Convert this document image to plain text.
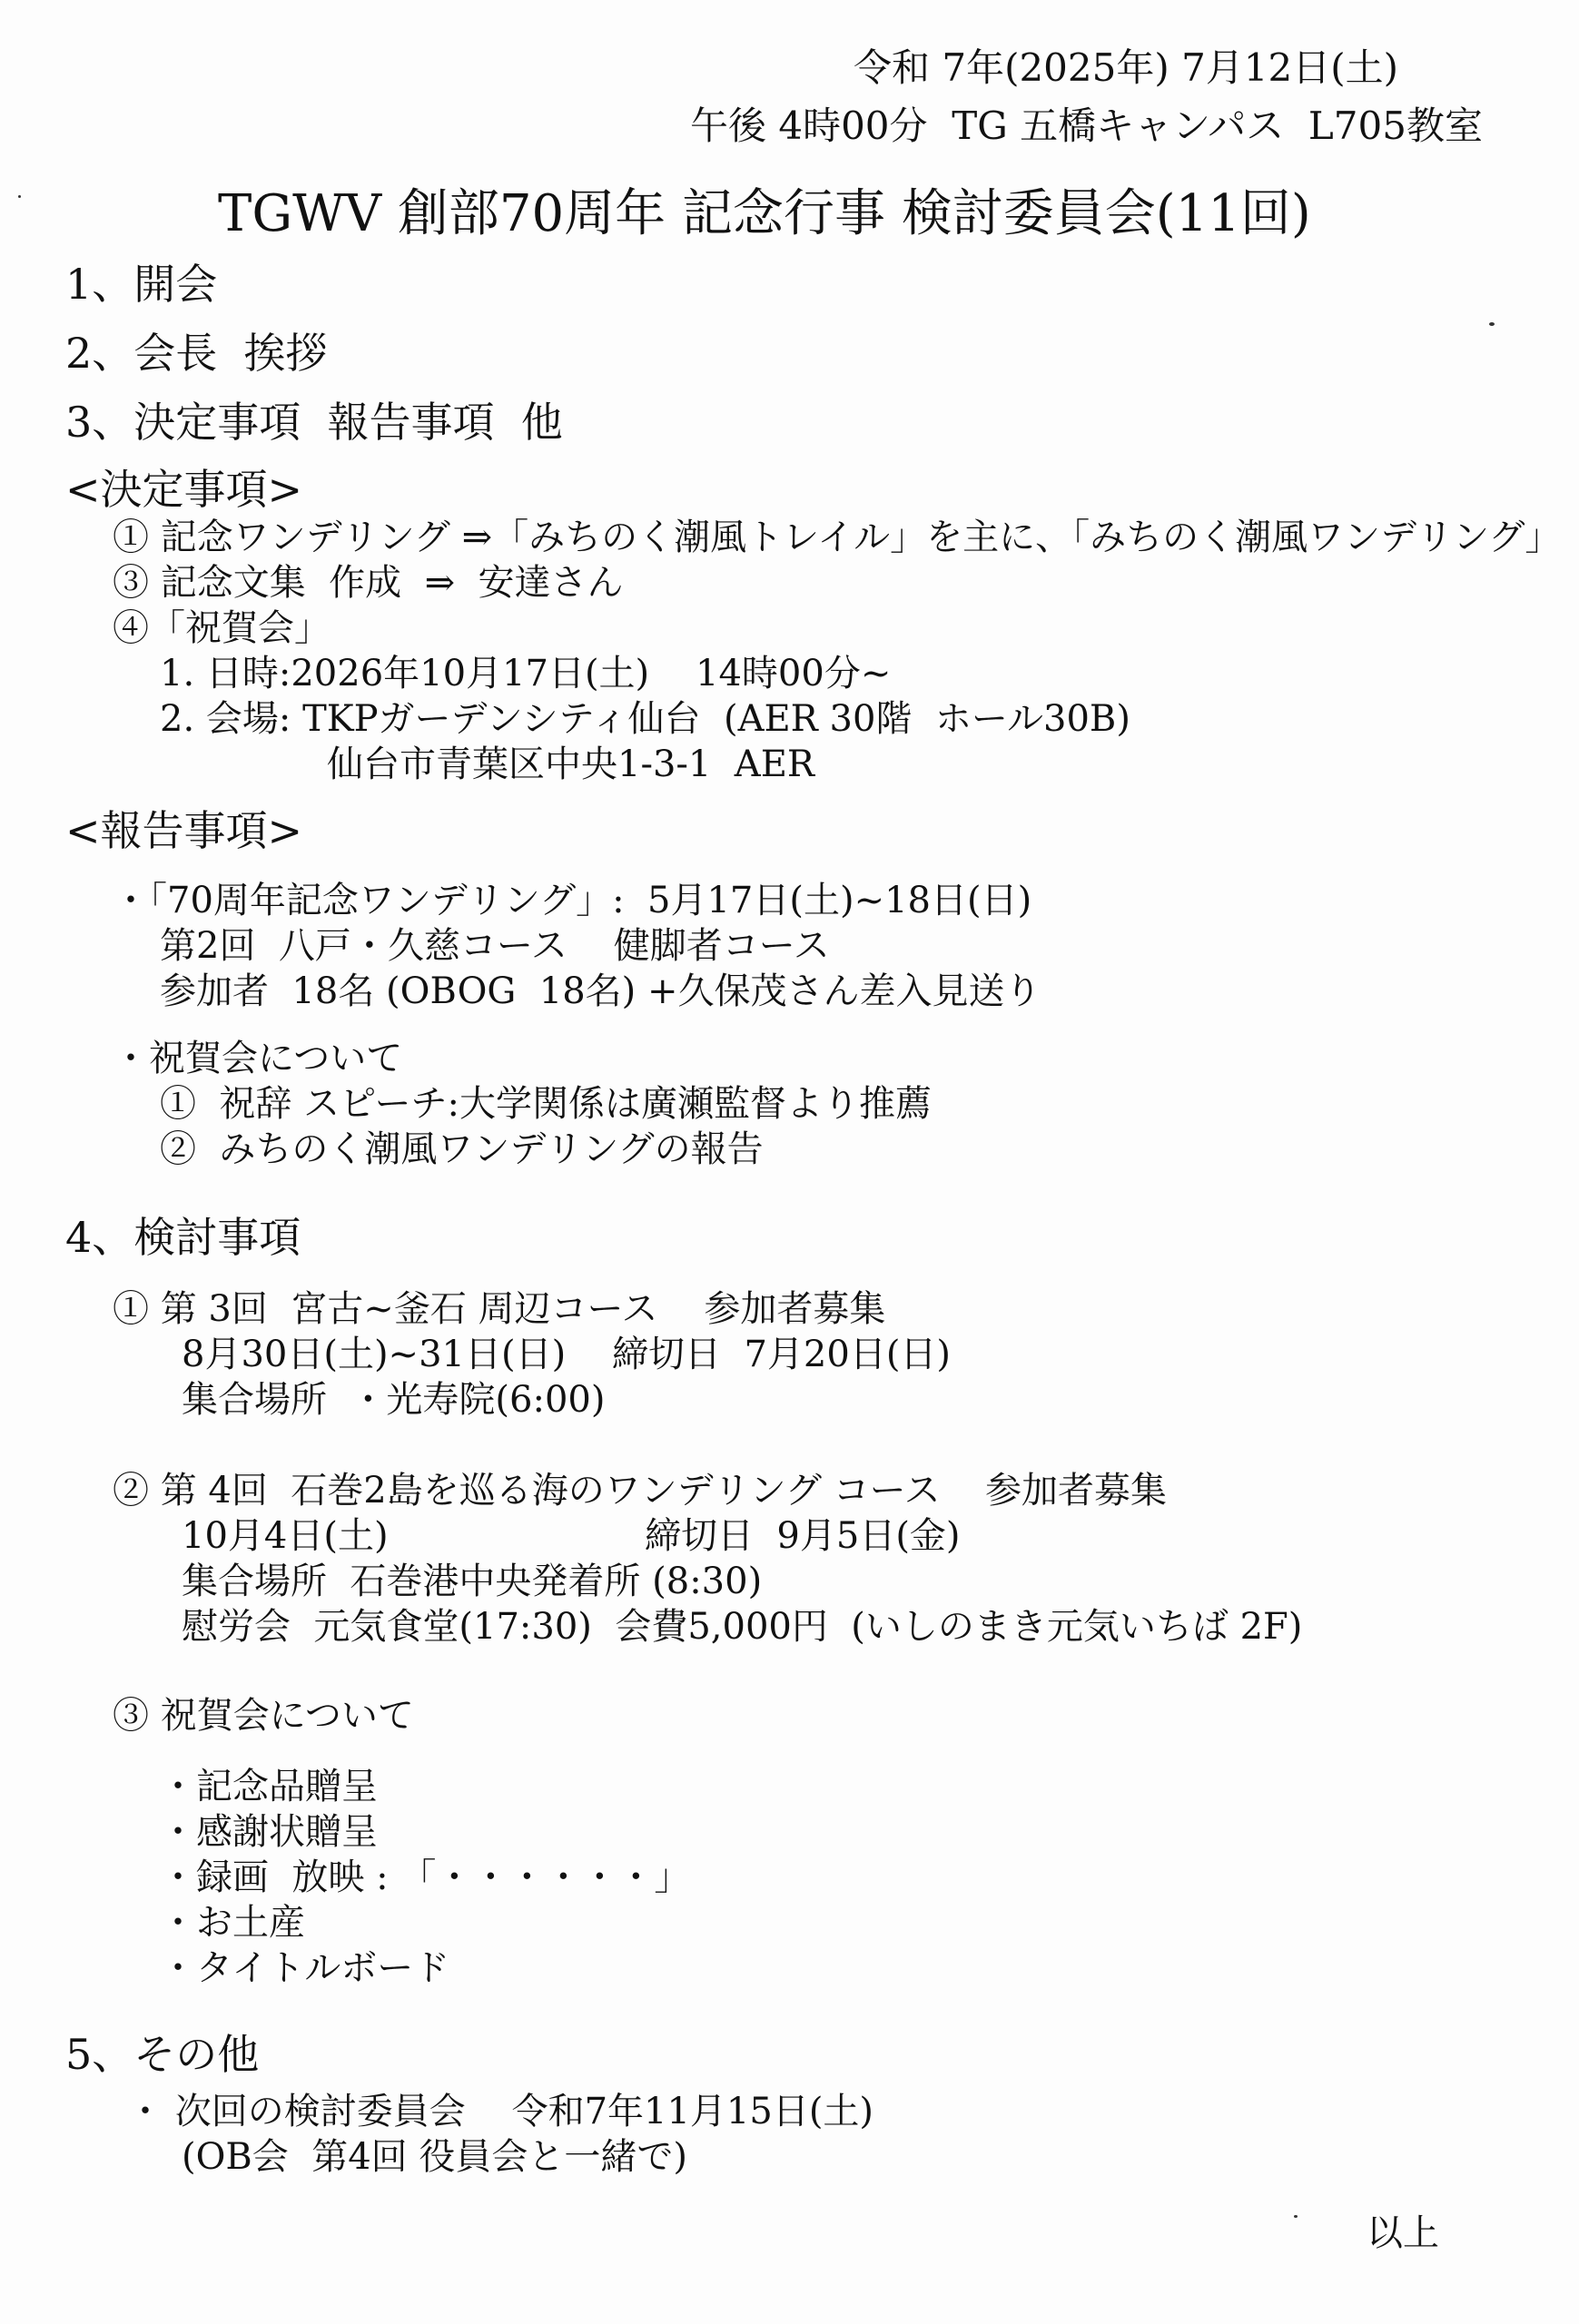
令和 7年(2025年) 7月12日(土)
午後 4時00分  TG 五橋キャンパス  L705教室
TGWV 創部70周年 記念行事 検討委員会(11回)
1、開会
2、会長  挨拶
3、決定事項  報告事項  他
<決定事項>
① 記念ワンデリング ⇒「みちのく潮風トレイル」を主に、「みちのく潮風ワンデリング」
③ 記念文集  作成  ⇒  安達さん
④「祝賀会」
1. 日時:2026年10月17日(土)    14時00分~
2. 会場: TKPガーデンシティ仙台  (AER 30階  ホール30B)
仙台市青葉区中央1-3-1  AER
<報告事項>
・「70周年記念ワンデリング」:  5月17日(土)~18日(日)
第2回  八戸・久慈コース    健脚者コース
参加者  18名 (OBOG  18名) +久保茂さん差入見送り
・祝賀会について
①  祝辞 スピーチ:大学関係は廣瀬監督より推薦
②  みちのく潮風ワンデリングの報告
4、検討事項
① 第 3回  宮古~釜石 周辺コース    参加者募集
8月30日(土)~31日(日)    締切日  7月20日(日)
集合場所  ・光寿院(6:00)
② 第 4回  石巻2島を巡る海のワンデリング コース 参加者募集
10月4日(土)	締切日  9月5日(金)
集合場所  石巻港中央発着所 (8:30)
慰労会  元気食堂(17:30)  会費5,000円  (いしのまき元気いちば 2F)
③ 祝賀会について
・記念品贈呈
・感謝状贈呈
・録画  放映 : 「・・・・・・」
・お土産
・タイトルボード
5、その他
・ 次回の検討委員会    令和7年11月15日(土)
(OB会  第4回 役員会と一緒で)
以上
